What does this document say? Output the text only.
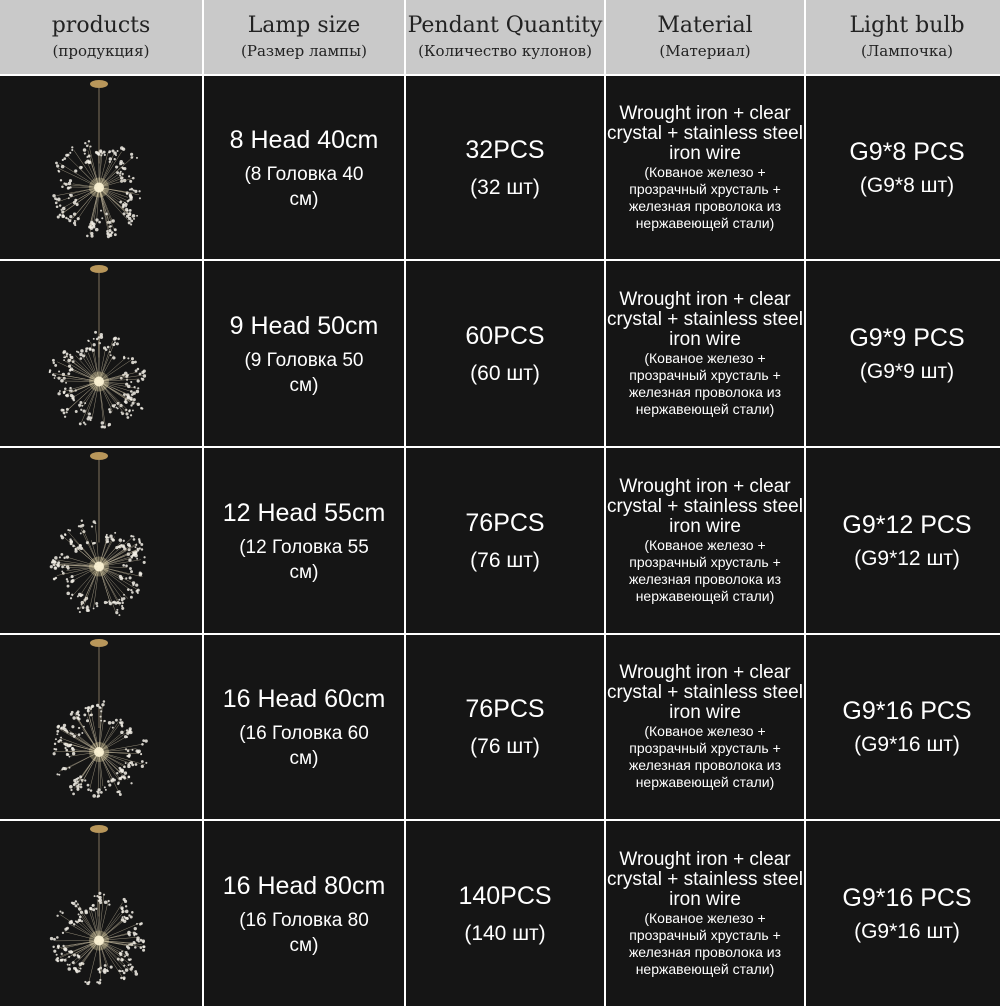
products
(продукция)
Lamp size
(Размер лампы)
Pendant Quantity
(Количество кулонов)
Material
(Материал)
Light bulb
(Лампочка)
8 Head 40cm
(8 Головка 40 см)
32PCS
(32 шт)
Wrought iron + clear crystal + stainless steel iron wire
(Кованое железо + прозрачный хрусталь + железная проволока из нержавеющей стали)
G9*8 PCS
(G9*8 шт)
9 Head 50cm
(9 Головка 50 см)
60PCS
(60 шт)
Wrought iron + clear crystal + stainless steel iron wire
(Кованое железо + прозрачный хрусталь + железная проволока из нержавеющей стали)
G9*9 PCS
(G9*9 шт)
12 Head 55cm
(12 Головка 55 см)
76PCS
(76 шт)
Wrought iron + clear crystal + stainless steel iron wire
(Кованое железо + прозрачный хрусталь + железная проволока из нержавеющей стали)
G9*12 PCS
(G9*12 шт)
16 Head 60cm
(16 Головка 60 см)
76PCS
(76 шт)
Wrought iron + clear crystal + stainless steel iron wire
(Кованое железо + прозрачный хрусталь + железная проволока из нержавеющей стали)
G9*16 PCS
(G9*16 шт)
16 Head 80cm
(16 Головка 80 см)
140PCS
(140 шт)
Wrought iron + clear crystal + stainless steel iron wire
(Кованое железо + прозрачный хрусталь + железная проволока из нержавеющей стали)
G9*16 PCS
(G9*16 шт)
